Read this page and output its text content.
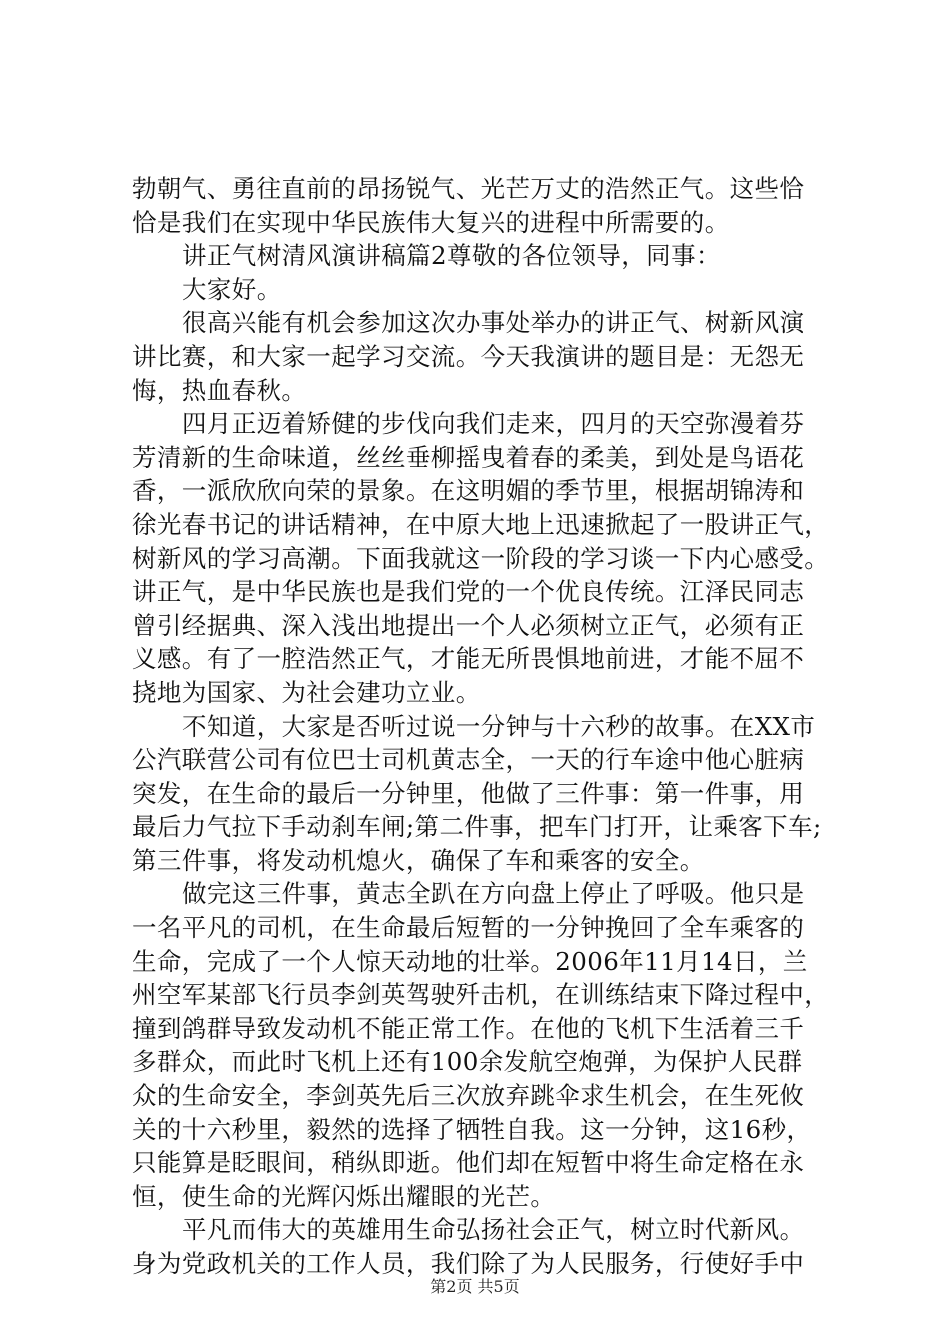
勃朝气、勇往直前的昂扬锐气、光芒万丈的浩然正气。这些恰
恰是我们在实现中华民族伟大复兴的进程中所需要的。
讲正气树清风演讲稿篇2尊敬的各位领导，同事：
大家好。
很高兴能有机会参加这次办事处举办的讲正气、树新风演
讲比赛，和大家一起学习交流。今天我演讲的题目是：无怨无
悔，热血春秋。
四月正迈着矫健的步伐向我们走来，四月的天空弥漫着芬
芳清新的生命味道，丝丝垂柳摇曳着春的柔美，到处是鸟语花
香，一派欣欣向荣的景象。在这明媚的季节里，根据胡锦涛和
徐光春书记的讲话精神，在中原大地上迅速掀起了一股讲正气，
树新风的学习高潮。下面我就这一阶段的学习谈一下内心感受。
讲正气，是中华民族也是我们党的一个优良传统。江泽民同志
曾引经据典、深入浅出地提出一个人必须树立正气，必须有正
义感。有了一腔浩然正气，才能无所畏惧地前进，才能不屈不
挠地为国家、为社会建功立业。
不知道，大家是否听过说一分钟与十六秒的故事。在XX市
公汽联营公司有位巴士司机黄志全，一天的行车途中他心脏病
突发，在生命的最后一分钟里，他做了三件事：第一件事，用
最后力气拉下手动刹车闸;第二件事，把车门打开，让乘客下车;
第三件事，将发动机熄火，确保了车和乘客的安全。
做完这三件事，黄志全趴在方向盘上停止了呼吸。他只是
一名平凡的司机，在生命最后短暂的一分钟挽回了全车乘客的
生命，完成了一个人惊天动地的壮举。2006年11月14日，兰
州空军某部飞行员李剑英驾驶歼击机，在训练结束下降过程中，
撞到鸽群导致发动机不能正常工作。在他的飞机下生活着三千
多群众，而此时飞机上还有100余发航空炮弹，为保护人民群
众的生命安全，李剑英先后三次放弃跳伞求生机会，在生死攸
关的十六秒里，毅然的选择了牺牲自我。这一分钟，这16秒，
只能算是眨眼间，稍纵即逝。他们却在短暂中将生命定格在永
恒，使生命的光辉闪烁出耀眼的光芒。
平凡而伟大的英雄用生命弘扬社会正气，树立时代新风。
身为党政机关的工作人员，我们除了为人民服务，行使好手中
第2页 共5页
